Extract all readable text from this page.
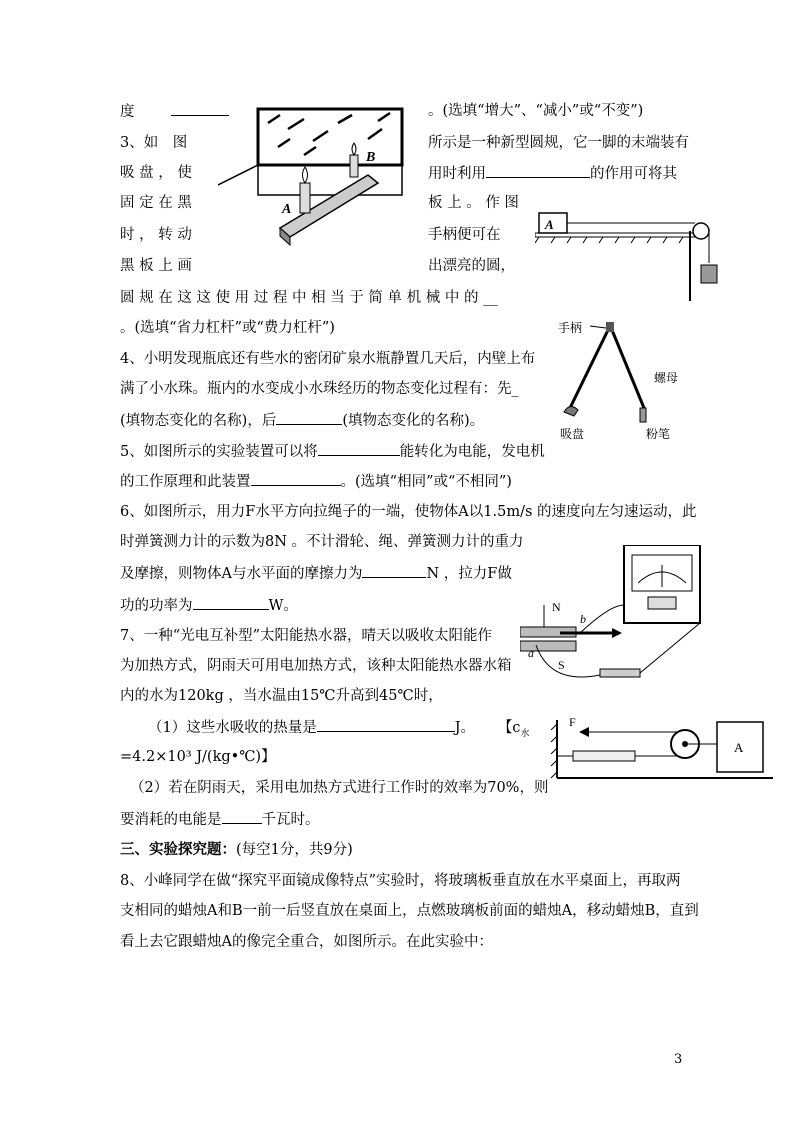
度	。(选填“增大”、“减小”或“不变”)
3、如　图
吸 盘 ， 使
固 定 在 黑
时 ， 转 动
黑 板 上 画
所示是一种新型圆规，它一脚的末端装有
用时利用	的作用可将其
板 上 。 作 图
手柄便可在
出漂亮的圆，
圆 规 在 这 这 使 用 过 程 中 相 当 于 简 单 机 械 中 的 __
。(选填“省力杠杆”或“费力杠杆”)
4、小明发现瓶底还有些水的密闭矿泉水瓶静置几天后，内壁上布
满了小水珠。瓶内的水变成小水珠经历的物态变化过程有：先_
(填物态变化的名称)，后	(填物态变化的名称)。
5、如图所示的实验装置可以将	能转化为电能，发电机
的工作原理和此装置	。(选填“相同”或“不相同”)
6、如图所示，用力F水平方向拉绳子的一端，使物体A以1.5m/s 的速度向左匀速运动，此
时弹簧测力计的示数为8N 。不计滑轮、绳、弹簧测力计的重力
及摩擦，则物体A与水平面的摩擦力为	N ，拉力F做
功的功率为	W。
7、一种“光电互补型”太阳能热水器，晴天以吸收太阳能作
为加热方式，阴雨天可用电加热方式，该种太阳能热水器水箱
内的水为120kg ，当水温由15℃升高到45℃时，
（1）这些水吸收的热量是	J。 【$c_水$
=4.2×10³ J/(kg•℃)】
（2）若在阴雨天，采用电加热方式进行工作时的效率为70%，则
要消耗的电能是	千瓦时。
三、实验探究题：(每空1分，共9分)
8、小峰同学在做“探究平面镜成像特点”实验时，将玻璃板垂直放在水平桌面上，再取两
支相同的蜡烛A和B一前一后竖直放在桌面上，点燃玻璃板前面的蜡烛A，移动蜡烛B，直到
看上去它跟蜡烛A的像完全重合，如图所示。在此实验中：
A
B
A
手柄
螺母
吸盘	粉笔
N
S
b
a
F
A
3
